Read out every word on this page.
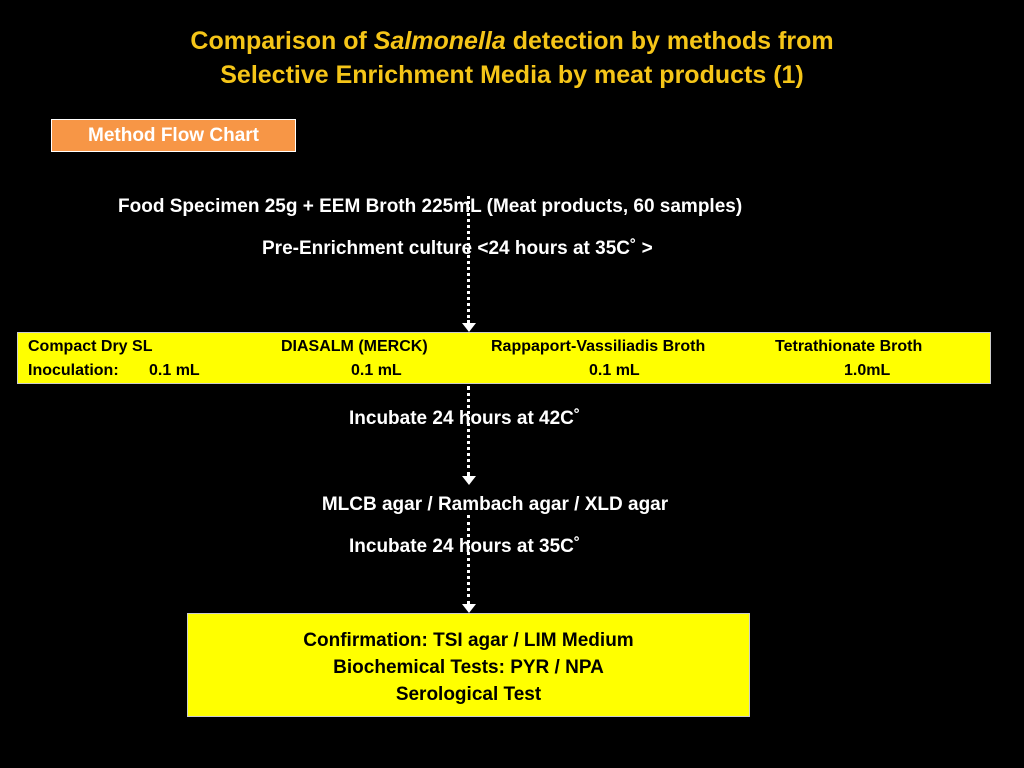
Comparison of Salmonella detection by methods from
Selective Enrichment Media by meat products (1)
Method Flow Chart
Food Specimen 25g + EEM Broth 225mL (Meat products, 60 samples)
Pre-Enrichment culture <24 hours at 35C˚ >
Compact Dry SL	DIASALM (MERCK)	Rappaport-Vassiliadis Broth	Tetrathionate Broth
Inoculation: 0.1 mL	0.1 mL	0.1 mL	1.0mL
Incubate 24 hours at 42C˚
MLCB agar / Rambach agar / XLD agar
Incubate 24 hours at 35C˚
Confirmation: TSI agar / LIM Medium
Biochemical Tests: PYR / NPA
Serological Test
